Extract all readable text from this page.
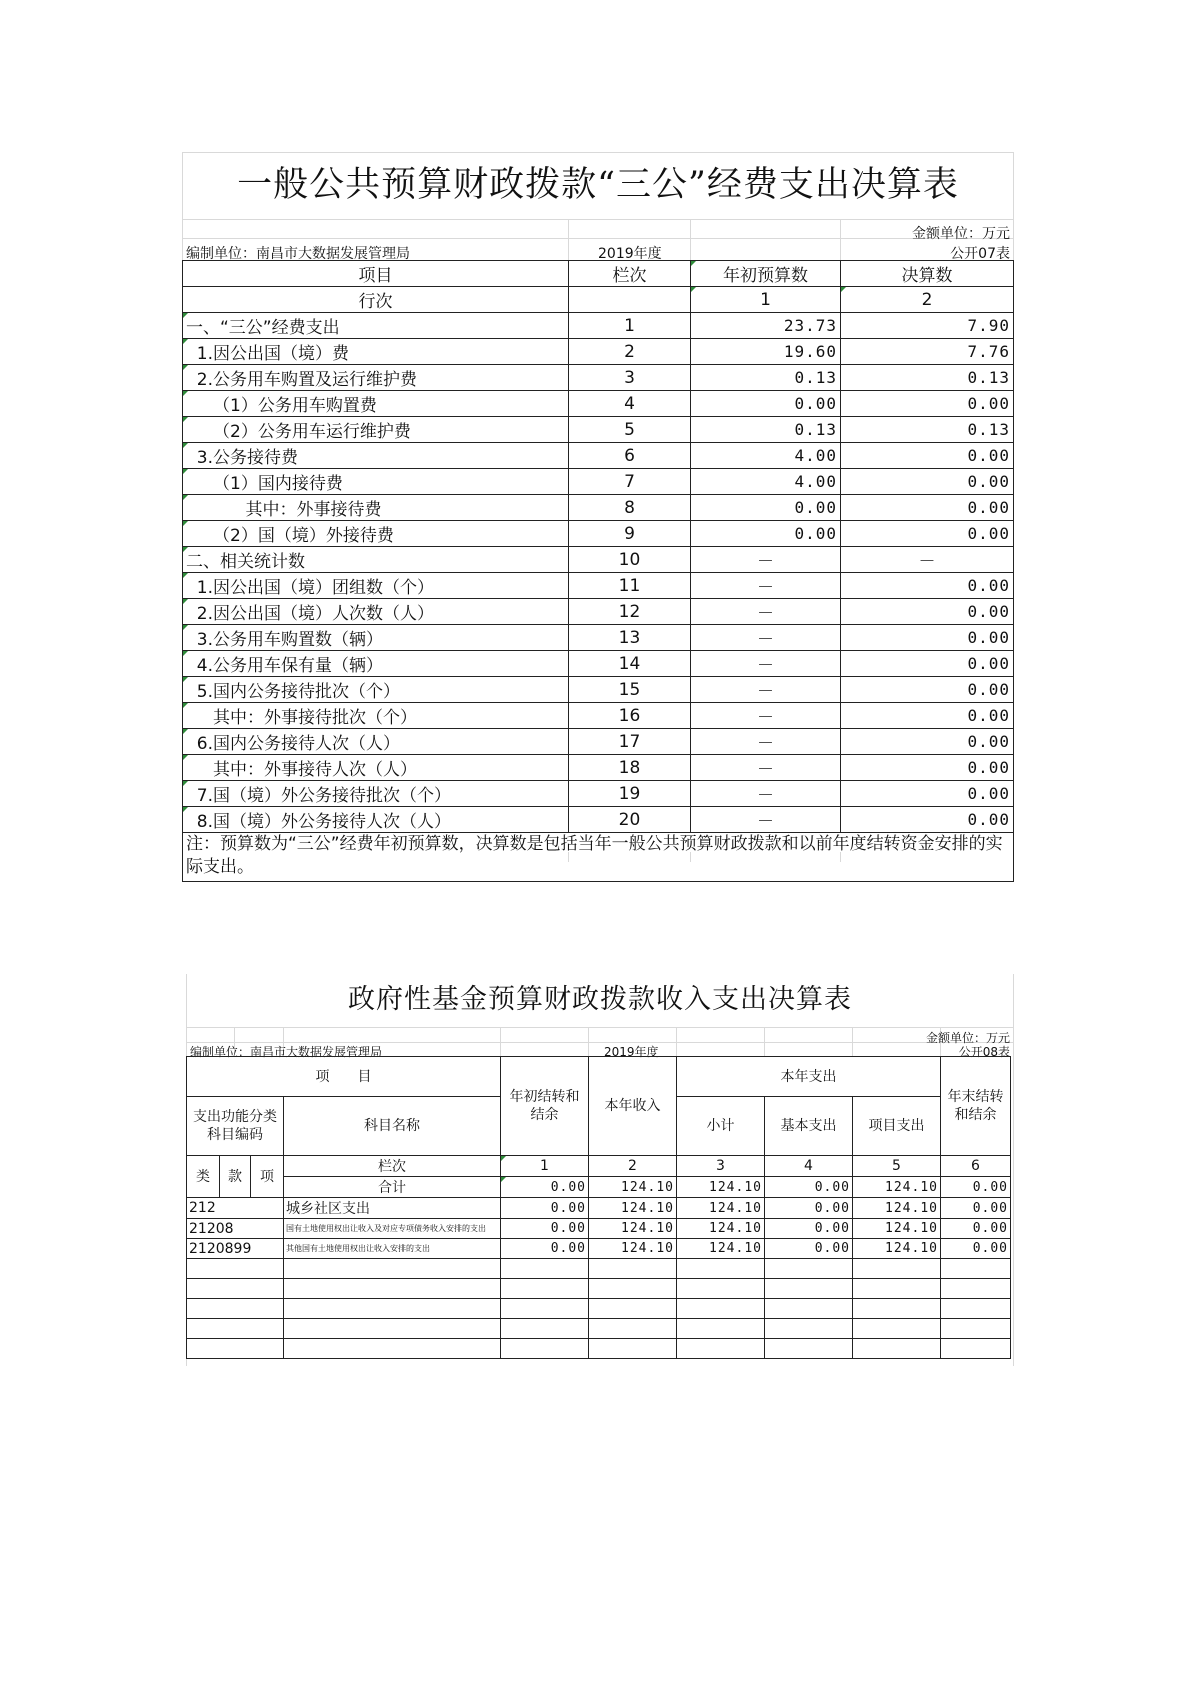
一般公共预算财政拨款“三公”经费支出决算表
金额单位：万元
编制单位：南昌市大数据发展管理局	2019年度	公开07表
项目	栏次	年初预算数	决算数
行次		1	2
一、“三公”经费支出	1	23.73	7.90
1.因公出国（境）费	2	19.60	7.76
2.公务用车购置及运行维护费	3	0.13	0.13
（1）公务用车购置费	4	0.00	0.00
（2）公务用车运行维护费	5	0.13	0.13
3.公务接待费	6	4.00	0.00
（1）国内接待费	7	4.00	0.00
其中：外事接待费	8	0.00	0.00
（2）国（境）外接待费	9	0.00	0.00
二、相关统计数	10	－	－
1.因公出国（境）团组数（个）	11	－	0.00
2.因公出国（境）人次数（人）	12	－	0.00
3.公务用车购置数（辆）	13	－	0.00
4.公务用车保有量（辆）	14	－	0.00
5.国内公务接待批次（个）	15	－	0.00
其中：外事接待批次（个）	16	－	0.00
6.国内公务接待人次（人）	17	－	0.00
其中：外事接待人次（人）	18	－	0.00
7.国（境）外公务接待批次（个）	19	－	0.00
8.国（境）外公务接待人次（人）	20	－	0.00
注：预算数为“三公”经费年初预算数，决算数是包括当年一般公共预算财政拨款和以前年度结转资金安排的实际支出。			
政府性基金预算财政拨款收入支出决算表
金额单位：万元
编制单位：南昌市大数据发展管理局	2019年度	公开08表
项　　目				年初结转和结余	本年收入	本年支出			年末结转和结余
支出功能分类科目编码			科目名称			小计	基本支出	项目支出	
类	款	项	栏次	1	2	3	4	5	6
			合计	0.00	124.10	124.10	0.00	124.10	0.00
212			城乡社区支出	0.00	124.10	124.10	0.00	124.10	0.00
21208			国有土地使用权出让收入及对应专项债务收入安排的支出	0.00	124.10	124.10	0.00	124.10	0.00
2120899			其他国有土地使用权出让收入安排的支出	0.00	124.10	124.10	0.00	124.10	0.00
